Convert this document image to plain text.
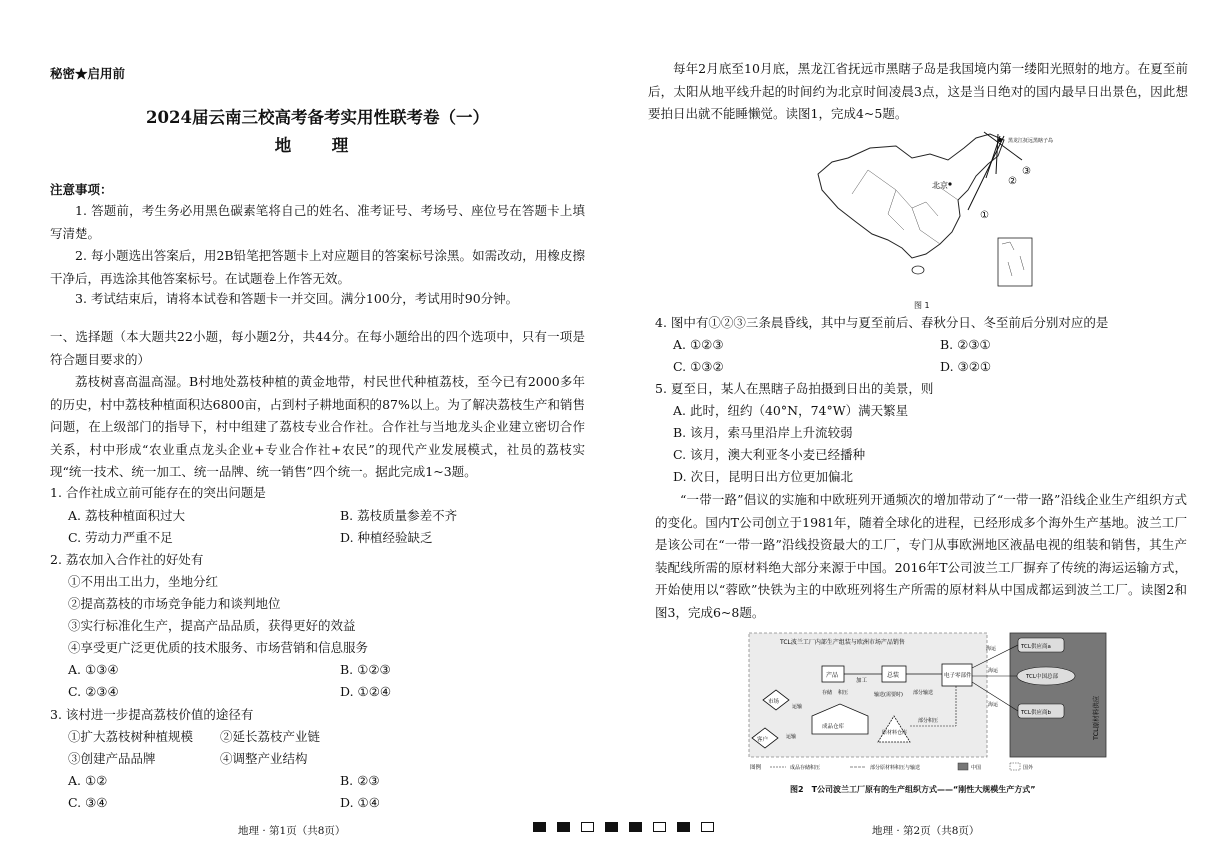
秘密★启用前
2024届云南三校高考备考实用性联考卷（一）
地　理
注意事项：
1. 答题前，考生务必用黑色碳素笔将自己的姓名、准考证号、考场号、座位号在答题卡上填写清楚。
2. 每小题选出答案后，用2B铅笔把答题卡上对应题目的答案标号涂黑。如需改动，用橡皮擦干净后，再选涂其他答案标号。在试题卷上作答无效。
3. 考试结束后，请将本试卷和答题卡一并交回。满分100分，考试用时90分钟。
一、选择题（本大题共22小题，每小题2分，共44分。在每小题给出的四个选项中，只有一项是符合题目要求的）
荔枝树喜高温高湿。B村地处荔枝种植的黄金地带，村民世代种植荔枝，至今已有2000多年的历史，村中荔枝种植面积达6800亩，占到村子耕地面积的87%以上。为了解决荔枝生产和销售问题，在上级部门的指导下，村中组建了荔枝专业合作社。合作社与当地龙头企业建立密切合作关系，村中形成“农业重点龙头企业+专业合作社+农民”的现代产业发展模式，社员的荔枝实现“统一技术、统一加工、统一品牌、统一销售”四个统一。据此完成1~3题。
1. 合作社成立前可能存在的突出问题是
A. 荔枝种植面积过大	B. 荔枝质量参差不齐
C. 劳动力严重不足	D. 种植经验缺乏
2. 荔农加入合作社的好处有
①不用出工出力，坐地分红
②提高荔枝的市场竞争能力和谈判地位
③实行标准化生产，提高产品品质，获得更好的效益
④享受更广泛更优质的技术服务、市场营销和信息服务
A. ①③④	B. ①②③
C. ②③④	D. ①②④
3. 该村进一步提高荔枝价值的途径有
①扩大荔枝树种植规模 ②延长荔枝产业链
③创建产品品牌	④调整产业结构
A. ①②	B. ②③
C. ③④	D. ①④
地理 · 第1页（共8页）
每年2月底至10月底，黑龙江省抚远市黑瞎子岛是我国境内第一缕阳光照射的地方。在夏至前后，太阳从地平线升起的时间约为北京时间凌晨3点，这是当日绝对的国内最早日出景色，因此想要拍日出就不能睡懒觉。读图1，完成4~5题。
北京
黑龙江抚远黑瞎子岛
①
②
③
图 1
4. 图中有①②③三条晨昏线，其中与夏至前后、春秋分日、冬至前后分别对应的是
A. ①②③	B. ②③①
C. ①③②	D. ③②①
5. 夏至日，某人在黑瞎子岛拍摄到日出的美景，则
A. 此时，纽约（40°N，74°W）满天繁星
B. 该月，索马里沿岸上升流较弱
C. 该月，澳大利亚冬小麦已经播种
D. 次日，昆明日出方位更加偏北
“一带一路”倡议的实施和中欧班列开通频次的增加带动了“一带一路”沿线企业生产组织方式的变化。国内T公司创立于1981年，随着全球化的进程，已经形成多个海外生产基地。波兰工厂是该公司在“一带一路”沿线投资最大的工厂，专门从事欧洲地区液晶电视的组装和销售，其生产装配线所需的原材料绝大部分来源于中国。2016年T公司波兰工厂摒弃了传统的海运运输方式，开始使用以“蓉欧”快铁为主的中欧班列将生产所需的原材料从中国成都运到波兰工厂。读图2和图3，完成6~8题。
TCL波兰工厂内部生产组装与欧洲市场产品销售
产品	总装	电子零部件
加工
输送(需要时) 部分输送
存储 积压
市场
客户
成品仓库
原材料仓库
部分积压
运输
运输
TCL供应商a
TCL中国总部
TCL供应商b	TCL原材料供应
海运
海运
海运
图例	成品存储积压	部分原材料积压与输送	中国	国外
图2　T公司波兰工厂原有的生产组织方式——“刚性大规模生产方式”
地理 · 第2页（共8页）
